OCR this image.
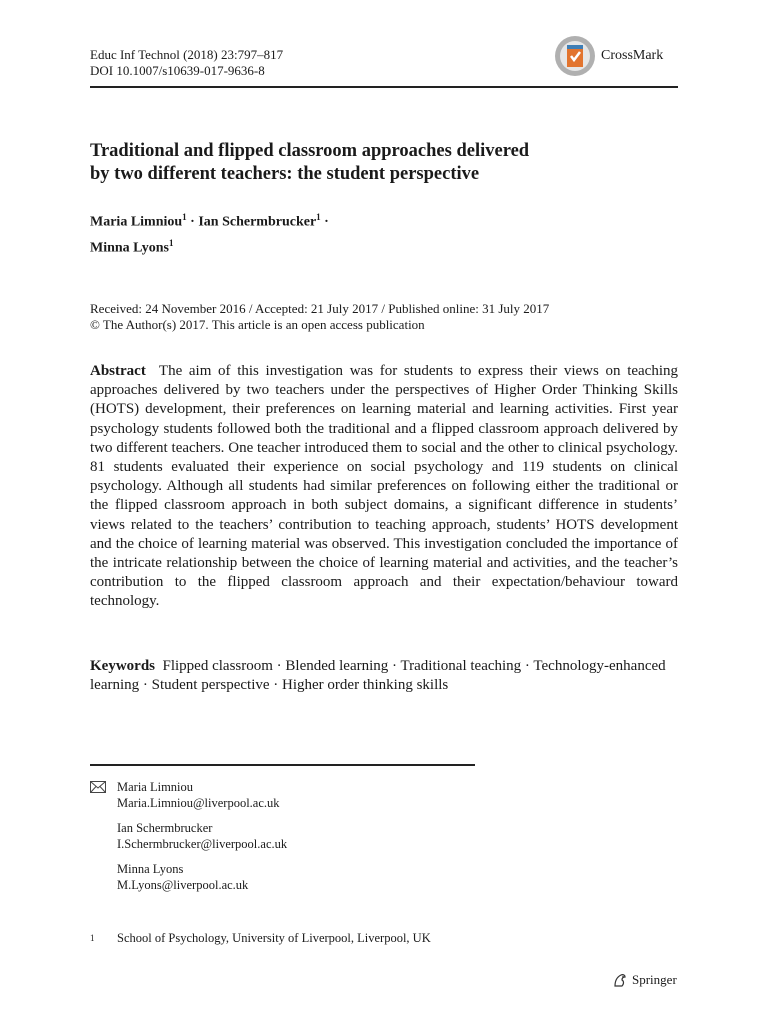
Educ Inf Technol (2018) 23:797–817
DOI 10.1007/s10639-017-9636-8
CrossMark
Traditional and flipped classroom approaches delivered
by two different teachers: the student perspective
Maria Limniou$^1$ · Ian Schermbrucker$^1$ ·
Minna Lyons$^1$
Received: 24 November 2016 / Accepted: 21 July 2017 / Published online: 31 July 2017
© The Author(s) 2017. This article is an open access publication
Abstract The aim of this investigation was for students to express their views on teaching approaches delivered by two teachers under the perspectives of Higher Order Thinking Skills (HOTS) development, their preferences on learning material and learning activities. First year psychology students followed both the traditional and a flipped classroom approach delivered by two different teachers. One teacher introduced them to social and the other to clinical psychology. 81 students evaluated their experience on social psychology and 119 students on clinical psychology. Although all students had similar preferences on following either the traditional or the flipped classroom approach in both subject domains, a significant difference in students’ views related to the teachers’ contribution to teaching approach, students’ HOTS development and the choice of learning material was observed. This investigation concluded the importance of the intricate relationship between the choice of learning material and activities, and the teacher’s contribution to the flipped classroom approach and their expectation/behaviour toward technology.
Keywords Flipped classroom · Blended learning · Traditional teaching · Technology-enhanced learning · Student perspective · Higher order thinking skills
Maria Limniou
Maria.Limniou@liverpool.ac.uk
Ian Schermbrucker
I.Schermbrucker@liverpool.ac.uk
Minna Lyons
M.Lyons@liverpool.ac.uk
1	School of Psychology, University of Liverpool, Liverpool, UK
Springer
